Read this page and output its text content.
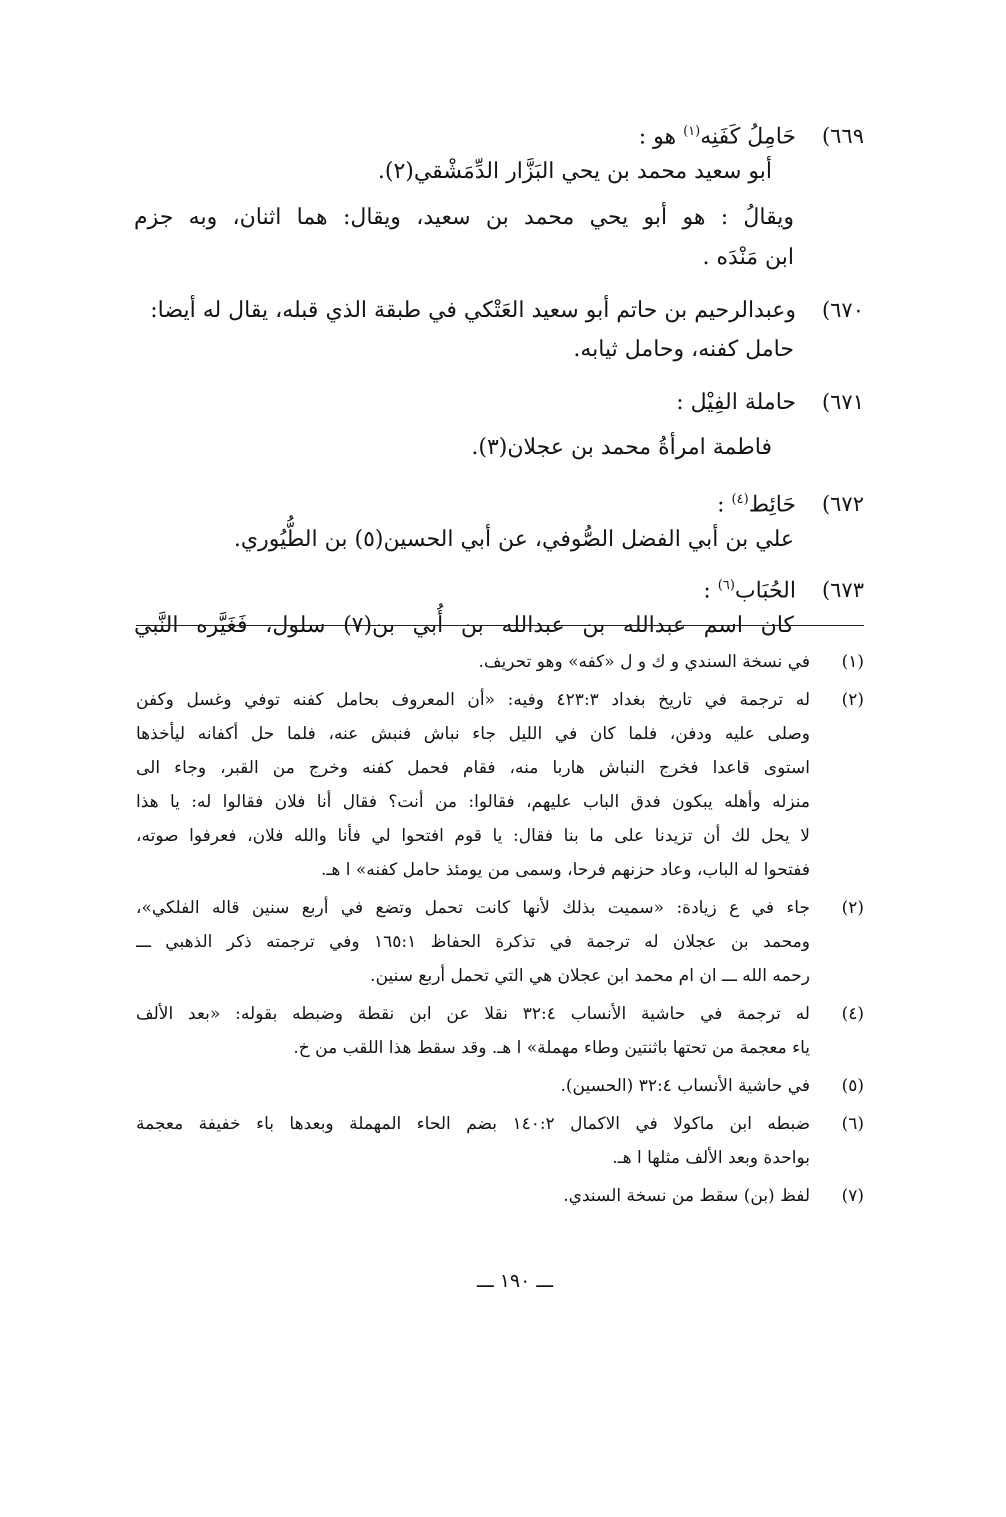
٦٦٩)
حَامِلُ كَفَنِه$^{(١)}$ هو :
أبو سعيد محمد بن يحي البَزَّار الدِّمَشْقي(٢).
ويقالُ : هو أبو يحي محمد بن سعيد، ويقال: هما اثنان، وبه جزم
ابن مَنْدَه .
٦٧٠)
وعبدالرحيم بن حاتم أبو سعيد العَتْكي في طبقة الذي قبله، يقال له أيضا:
حامل كفنه، وحامل ثيابه.
٦٧١)
حاملة الفِيْل :
فاطمة امرأةُ محمد بن عجلان(٣).
٦٧٢)
حَائِط$^{(٤)}$ :
علي بن أبي الفضل الصُّوفي، عن أبي الحسين(٥) بن الطُّيُوري.
٦٧٣)
الحُبَاب$^{(٦)}$ :
كان اسم عبدالله بن عبدالله بن أُبي بن(٧) سلول، فَغَيَّره النَّبي
(١)
في نسخة السندي و ك و ل «كفه» وهو تحريف.
(٢)
له ترجمة في تاريخ بغداد ٤٢٣:٣ وفيه: «أن المعروف بحامل كفنه توفي وغسل وكفن
وصلى عليه ودفن، فلما كان في الليل جاء نباش فنبش عنه، فلما حل أكفانه ليأخذها
استوى قاعدا فخرج النباش هاربا منه، فقام فحمل كفنه وخرج من القبر، وجاء الى
منزله وأهله يبكون فدق الباب عليهم، فقالوا: من أنت؟ فقال أنا فلان فقالوا له: يا هذا
لا يحل لك أن تزيدنا على ما بنا فقال: يا قوم افتحوا لي فأنا والله فلان، فعرفوا صوته،
ففتحوا له الباب، وعاد حزنهم فرحا، وسمى من يومئذ حامل كفنه» ا هـ.
(٢)
جاء في ع زيادة: «سميت بذلك لأنها كانت تحمل وتضع في أربع سنين قاله الفلكي»،
ومحمد بن عجلان له ترجمة في تذكرة الحفاظ ١٦٥:١ وفي ترجمته ذكر الذهبي ـــ
رحمه الله ـــ ان ام محمد ابن عجلان هي التي تحمل أربع سنين.
(٤)
له ترجمة في حاشية الأنساب ٣٢:٤ نقلا عن ابن نقطة وضبطه بقوله: «بعد الألف
ياء معجمة من تحتها باثنتين وطاء مهملة» ا هـ. وقد سقط هذا اللقب من خ.
(٥)
في حاشية الأنساب ٣٢:٤ (الحسين).
(٦)
ضبطه ابن ماكولا في الاكمال ١٤٠:٢ بضم الحاء المهملة وبعدها باء خفيفة معجمة
بواحدة وبعد الألف مثلها ا هـ.
(٧)
لفظ (بن) سقط من نسخة السندي.
ـــ ١٩٠ ـــ
